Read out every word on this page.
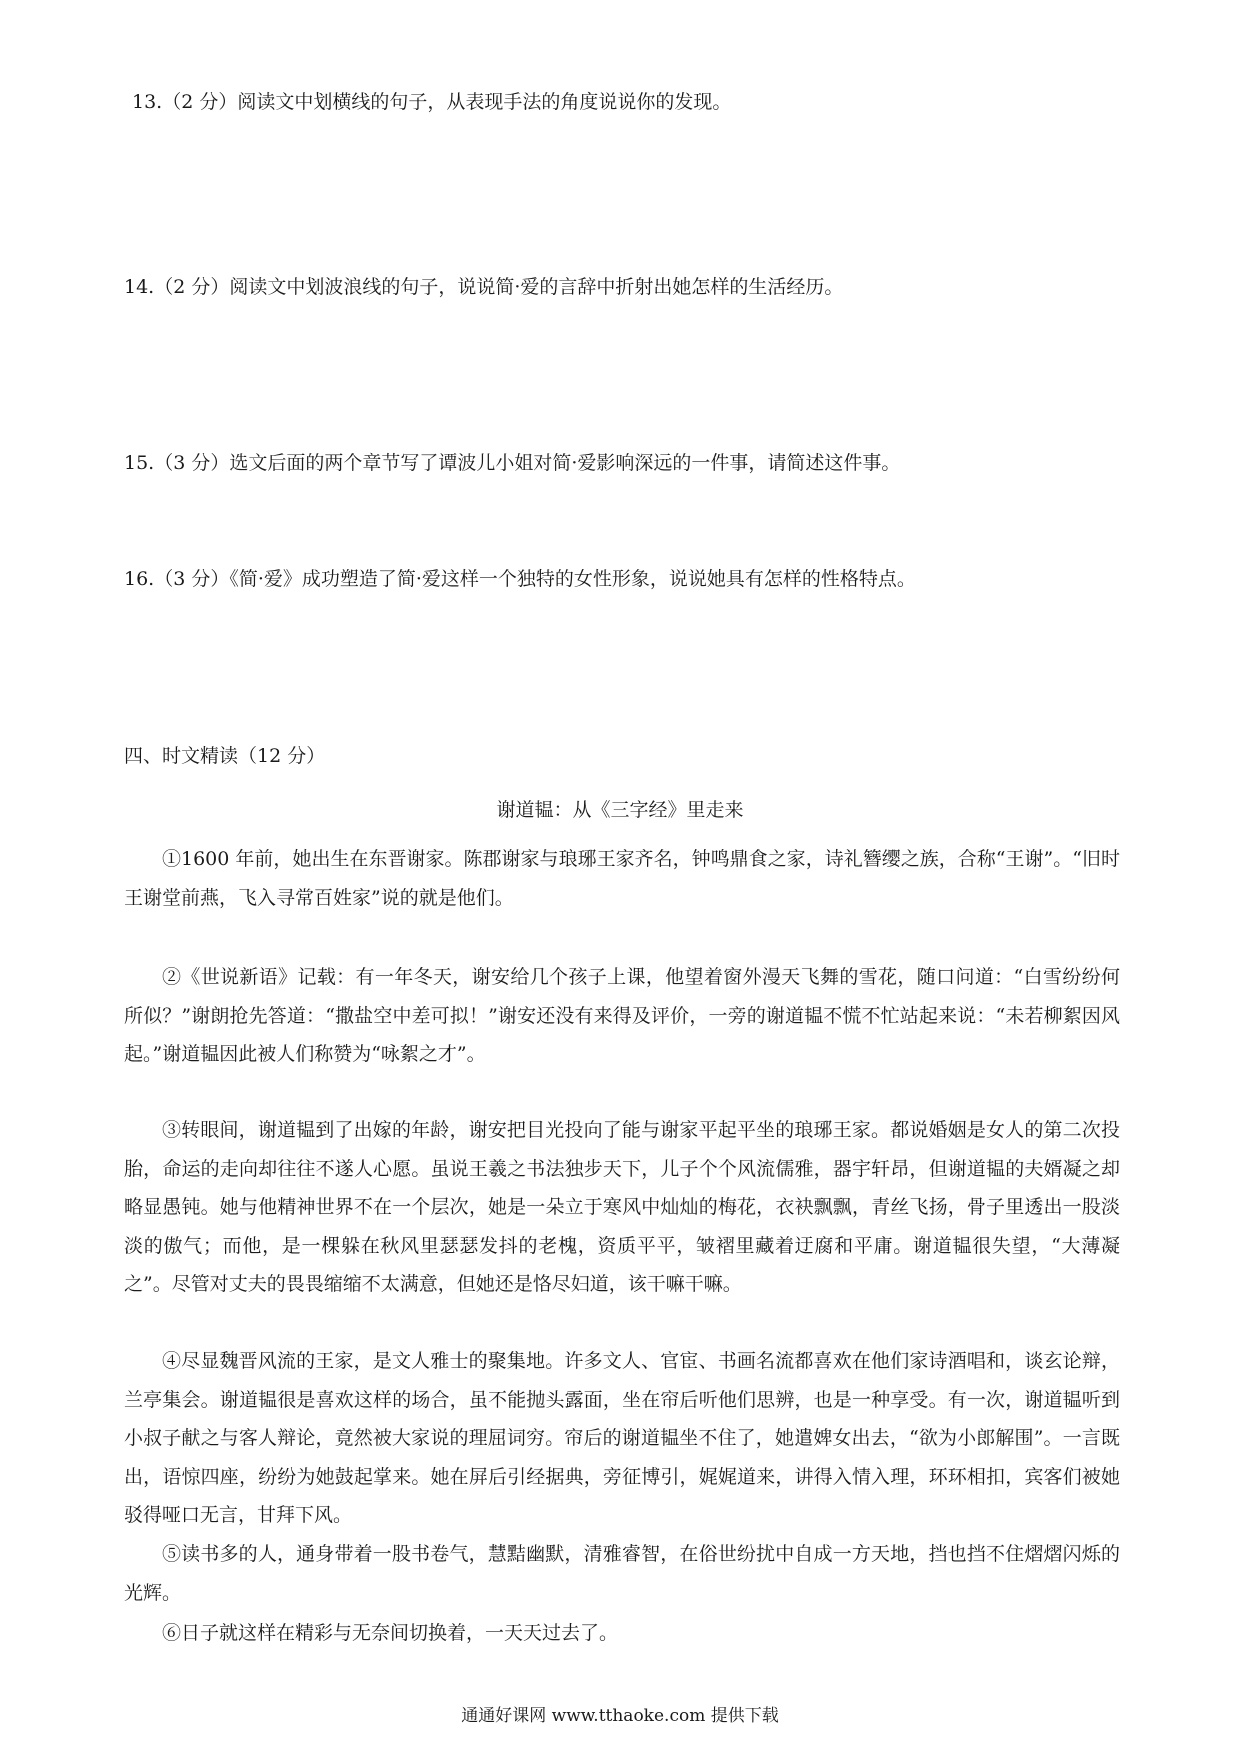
13.（2 分）阅读文中划横线的句子，从表现手法的角度说说你的发现。
14.（2 分）阅读文中划波浪线的句子，说说简·爱的言辞中折射出她怎样的生活经历。
15.（3 分）选文后面的两个章节写了谭波儿小姐对简·爱影响深远的一件事，请简述这件事。
16.（3 分）《简·爱》成功塑造了简·爱这样一个独特的女性形象，说说她具有怎样的性格特点。
四、时文精读（12 分）
谢道韫：从《三字经》里走来

①1600 年前，她出生在东晋谢家。陈郡谢家与琅琊王家齐名，钟鸣鼎食之家，诗礼簪缨之族，合称“王谢”。“旧时王谢堂前燕，飞入寻常百姓家”说的就是他们。

②《世说新语》记载：有一年冬天，谢安给几个孩子上课，他望着窗外漫天飞舞的雪花，随口问道：“白雪纷纷何所似？”谢朗抢先答道：“撒盐空中差可拟！”谢安还没有来得及评价，一旁的谢道韫不慌不忙站起来说：“未若柳絮因风起。”谢道韫因此被人们称赞为“咏絮之才”。

③转眼间，谢道韫到了出嫁的年龄，谢安把目光投向了能与谢家平起平坐的琅琊王家。都说婚姻是女人的第二次投胎，命运的走向却往往不遂人心愿。虽说王羲之书法独步天下，儿子个个风流儒雅，器宇轩昂，但谢道韫的夫婿凝之却略显愚钝。她与他精神世界不在一个层次，她是一朵立于寒风中灿灿的梅花，衣袂飘飘，青丝飞扬，骨子里透出一股淡淡的傲气；而他，是一棵躲在秋风里瑟瑟发抖的老槐，资质平平，皱褶里藏着迂腐和平庸。谢道韫很失望，“大薄凝之”。尽管对丈夫的畏畏缩缩不太满意，但她还是恪尽妇道，该干嘛干嘛。

④尽显魏晋风流的王家，是文人雅士的聚集地。许多文人、官宦、书画名流都喜欢在他们家诗酒唱和，谈玄论辩，兰亭集会。谢道韫很是喜欢这样的场合，虽不能抛头露面，坐在帘后听他们思辨，也是一种享受。有一次，谢道韫听到小叔子献之与客人辩论，竟然被大家说的理屈词穷。帘后的谢道韫坐不住了，她遣婢女出去，“欲为小郎解围”。一言既出，语惊四座，纷纷为她鼓起掌来。她在屏后引经据典，旁征博引，娓娓道来，讲得入情入理，环环相扣，宾客们被她驳得哑口无言，甘拜下风。

⑤读书多的人，通身带着一股书卷气，慧黠幽默，清雅睿智，在俗世纷扰中自成一方天地，挡也挡不住熠熠闪烁的光辉。

⑥日子就这样在精彩与无奈间切换着，一天天过去了。

通通好课网 www.tthaoke.com 提供下载
